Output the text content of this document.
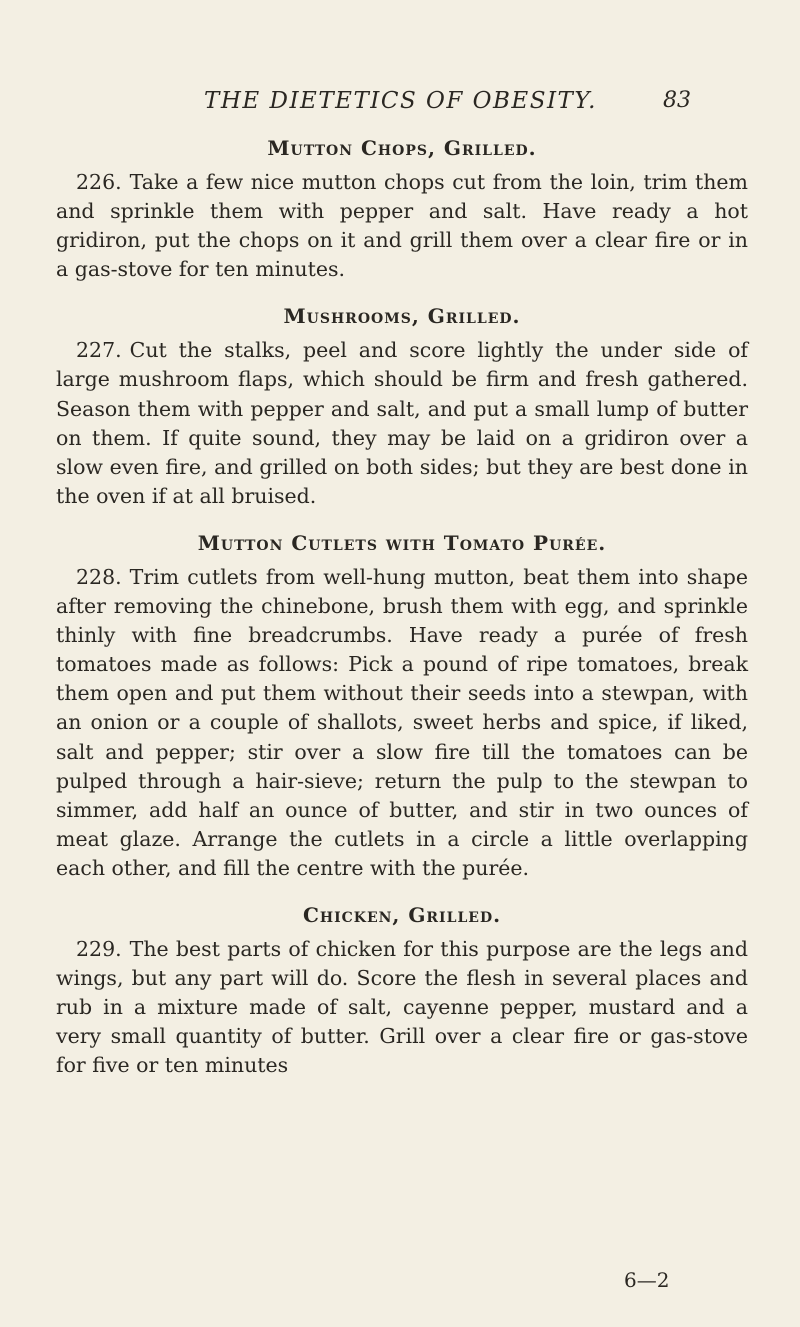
THE DIETETICS OF OBESITY.	83
Mutton Chops, Grilled.

226. Take a few nice mutton chops cut from the loin, trim them and sprinkle them with pepper and salt. Have ready a hot gridiron, put the chops on it and grill them over a clear fire or in a gas-stove for ten minutes.

Mushrooms, Grilled.

227. Cut the stalks, peel and score lightly the under side of large mushroom flaps, which should be firm and fresh gathered. Season them with pepper and salt, and put a small lump of butter on them. If quite sound, they may be laid on a gridiron over a slow even fire, and grilled on both sides; but they are best done in the oven if at all bruised.

Mutton Cutlets with Tomato Purée.

228. Trim cutlets from well-hung mutton, beat them into shape after removing the chinebone, brush them with egg, and sprinkle thinly with fine breadcrumbs. Have ready a purée of fresh tomatoes made as follows: Pick a pound of ripe tomatoes, break them open and put them without their seeds into a stewpan, with an onion or a couple of shallots, sweet herbs and spice, if liked, salt and pepper; stir over a slow fire till the tomatoes can be pulped through a hair-sieve; return the pulp to the stewpan to simmer, add half an ounce of butter, and stir in two ounces of meat glaze. Arrange the cutlets in a circle a little overlapping each other, and fill the centre with the purée.

Chicken, Grilled.

229. The best parts of chicken for this purpose are the legs and wings, but any part will do. Score the flesh in several places and rub in a mixture made of salt, cayenne pepper, mustard and a very small quantity of butter. Grill over a clear fire or gas-stove for five or ten minutes

6—2
